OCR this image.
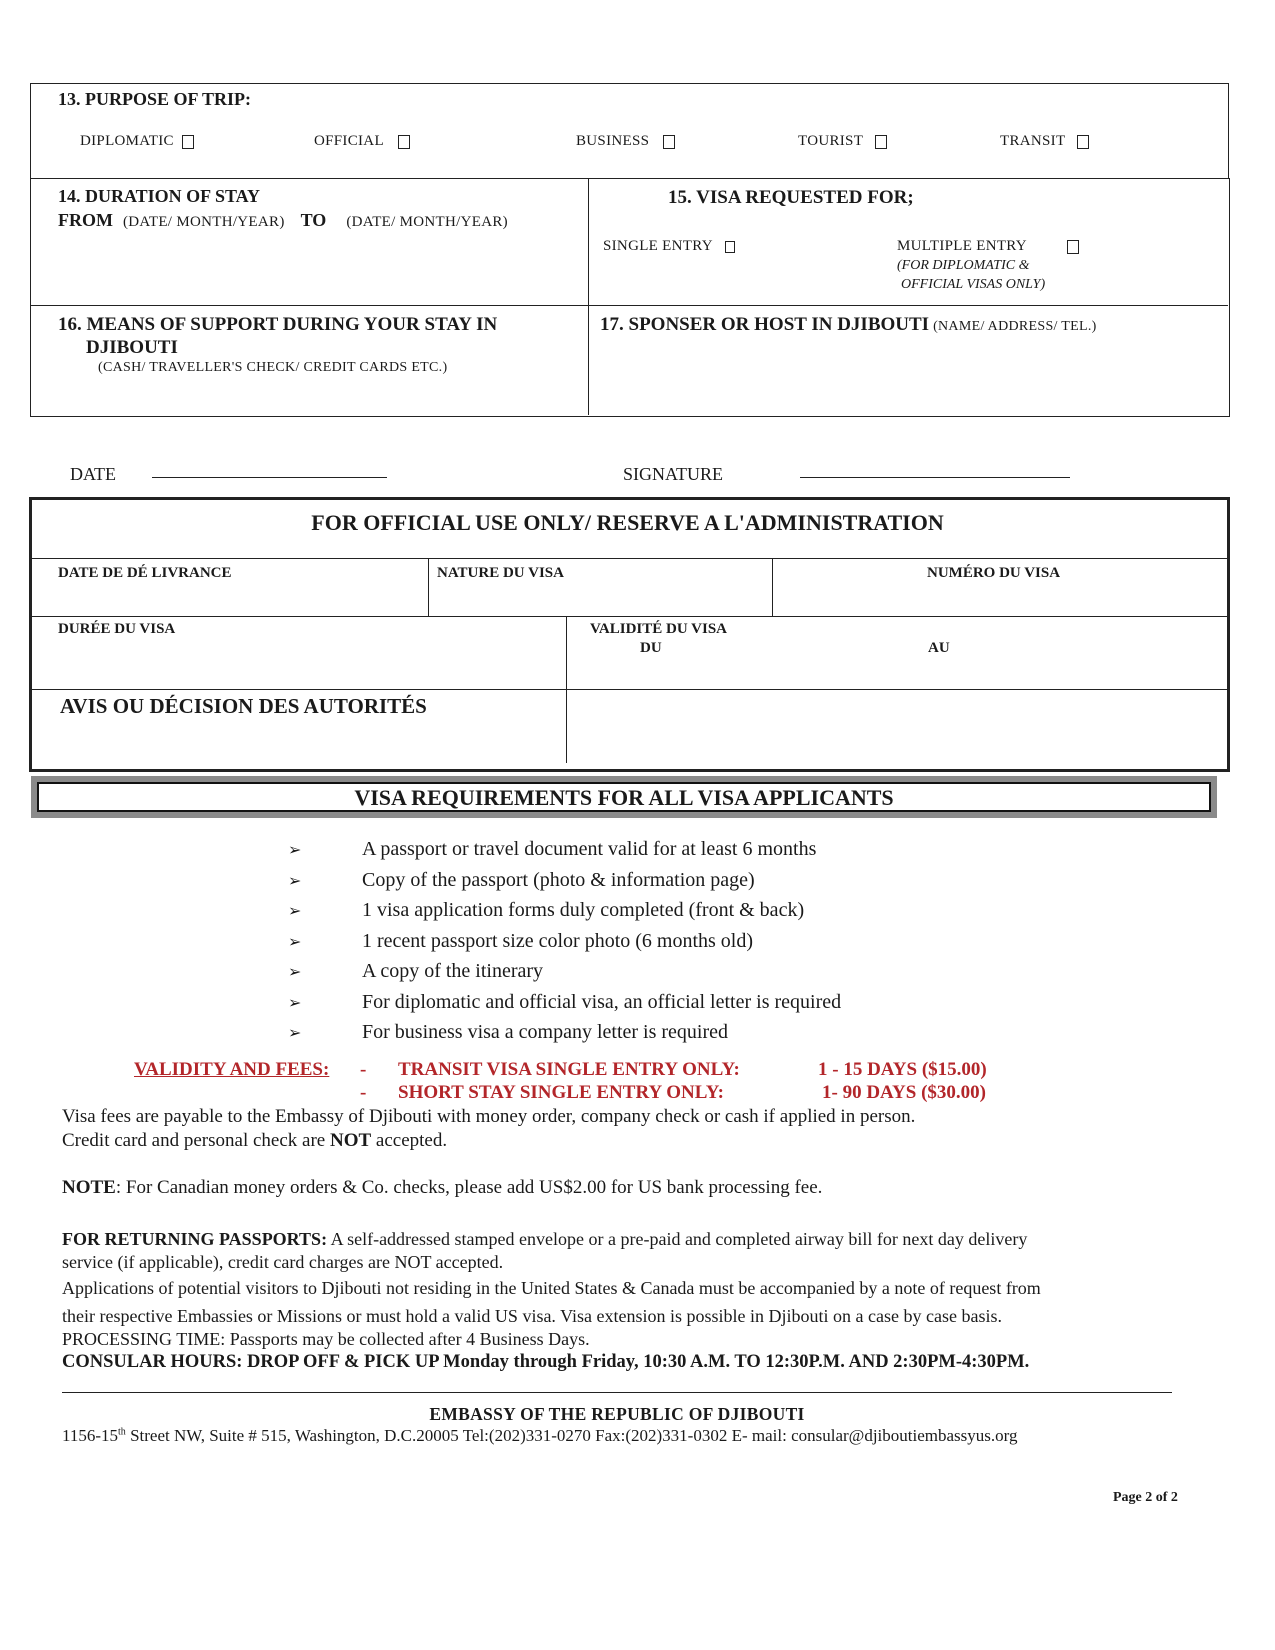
13. PURPOSE OF TRIP:
DIPLOMATIC	OFFICIAL	BUSINESS	TOURIST	TRANSIT
14. DURATION OF STAY
FROM (DATE/ MONTH/YEAR) TO (DATE/ MONTH/YEAR)
15. VISA REQUESTED FOR;
SINGLE ENTRY	MULTIPLE ENTRY
(FOR DIPLOMATIC &
OFFICIAL VISAS ONLY)
16. MEANS OF SUPPORT DURING YOUR STAY IN
DJIBOUTI
(CASH/ TRAVELLER'S CHECK/ CREDIT CARDS ETC.)
17. SPONSER OR HOST IN DJIBOUTI (NAME/ ADDRESS/ TEL.)
DATE	SIGNATURE
FOR OFFICIAL USE ONLY/ RESERVE A L'ADMINISTRATION
DATE DE DÉ LIVRANCE	NATURE DU VISA	NUMÉRO DU VISA
DURÉE DU VISA	VALIDITÉ DU VISA
DU	AU
AVIS OU DÉCISION DES AUTORITÉS
VISA REQUIREMENTS FOR ALL VISA APPLICANTS
➢	A passport or travel document valid for at least 6 months
➢	Copy of the passport (photo & information page)
➢	1 visa application forms duly completed (front & back)
➢	1 recent passport size color photo (6 months old)
➢	A copy of the itinerary
➢	For diplomatic and official visa, an official letter is required
➢	For business visa a company letter is required
VALIDITY AND FEES: - TRANSIT VISA SINGLE ENTRY ONLY:	1 - 15 DAYS ($15.00)
- SHORT STAY SINGLE ENTRY ONLY:	1- 90 DAYS ($30.00)
Visa fees are payable to the Embassy of Djibouti with money order, company check or cash if applied in person.
Credit card and personal check are NOT accepted.
NOTE: For Canadian money orders & Co. checks, please add US$2.00 for US bank processing fee.
FOR RETURNING PASSPORTS: A self-addressed stamped envelope or a pre-paid and completed airway bill for next day delivery
service (if applicable), credit card charges are NOT accepted.
Applications of potential visitors to Djibouti not residing in the United States & Canada must be accompanied by a note of request from
their respective Embassies or Missions or must hold a valid US visa. Visa extension is possible in Djibouti on a case by case basis.
PROCESSING TIME: Passports may be collected after 4 Business Days.
CONSULAR HOURS: DROP OFF & PICK UP Monday through Friday, 10:30 A.M. TO 12:30P.M. AND 2:30PM-4:30PM.
EMBASSY OF THE REPUBLIC OF DJIBOUTI
1156-15th Street NW, Suite # 515, Washington, D.C.20005 Tel:(202)331-0270 Fax:(202)331-0302 E- mail: consular@djiboutiembassyus.org
Page 2 of 2
